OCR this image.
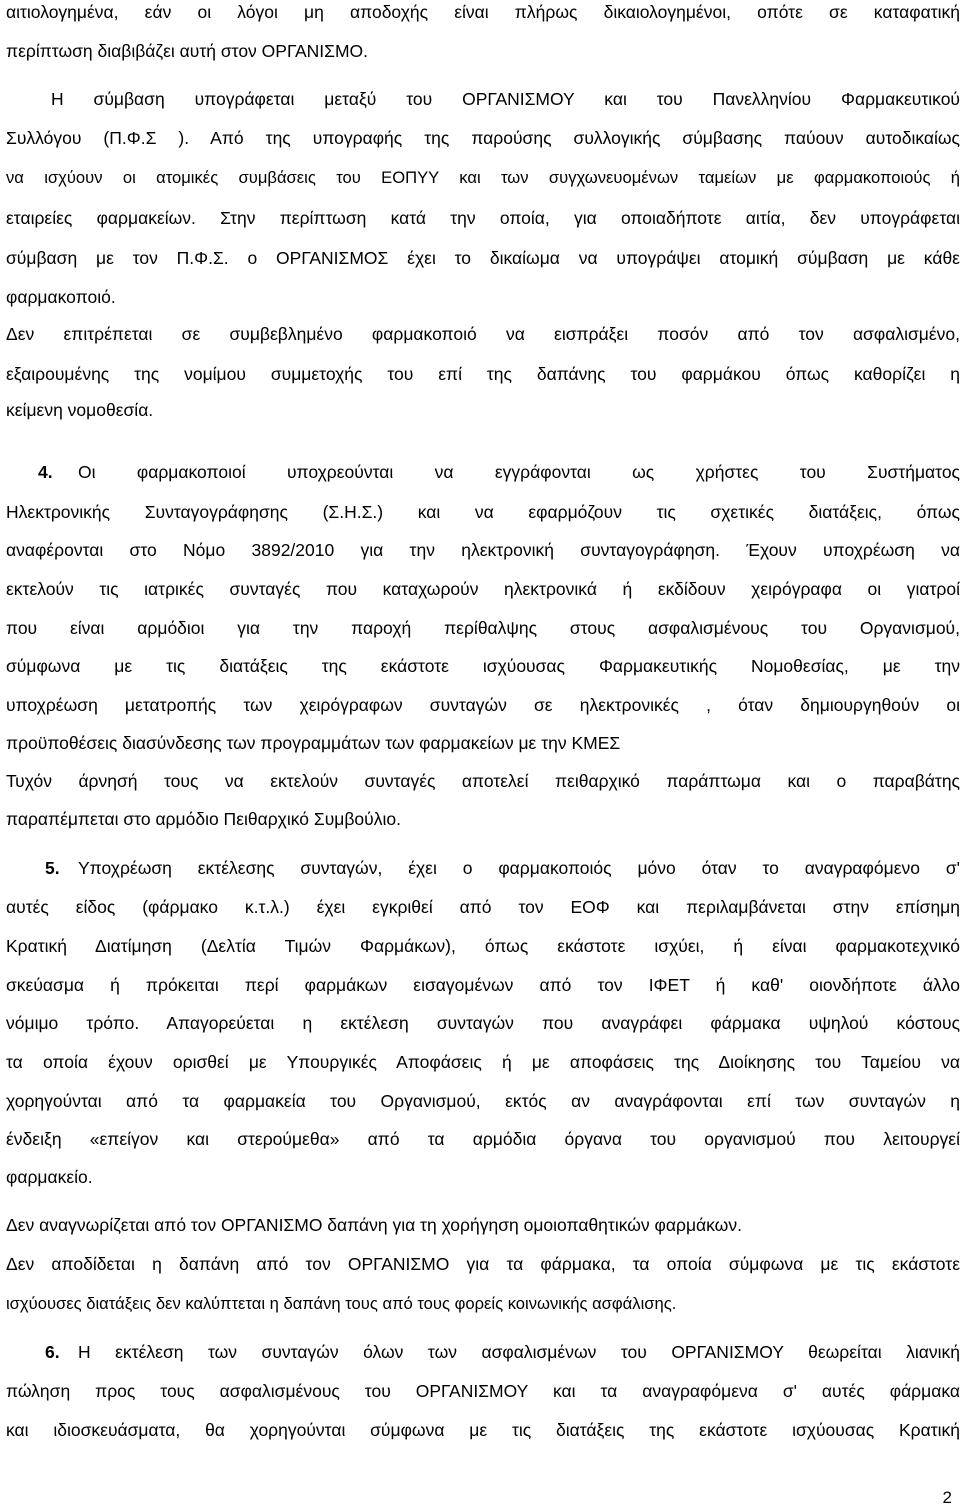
αιτιολογημένα, εάν οι λόγοι μη αποδοχής είναι πλήρως δικαιολογημένοι, οπότε σε καταφατική
περίπτωση διαβιβάζει αυτή στον ΟΡΓΑΝΙΣΜΟ.
Η σύμβαση υπογράφεται μεταξύ του ΟΡΓΑΝΙΣΜΟΥ και του Πανελληνίου Φαρμακευτικού
Συλλόγου (Π.Φ.Σ ). Από της υπογραφής της παρούσης συλλογικής σύμβασης παύουν αυτοδικαίως
να ισχύουν οι ατομικές συμβάσεις του ΕΟΠΥΥ και των συγχωνευομένων ταμείων με φαρμακοποιούς ή
εταιρείες φαρμακείων. Στην περίπτωση κατά την οποία, για οποιαδήποτε αιτία, δεν υπογράφεται
σύμβαση με τον Π.Φ.Σ. ο ΟΡΓΑΝΙΣΜΟΣ έχει το δικαίωμα να υπογράψει ατομική σύμβαση με κάθε
φαρμακοποιό.
Δεν επιτρέπεται σε συμβεβλημένο φαρμακοποιό να εισπράξει ποσόν από τον ασφαλισμένο,
εξαιρουμένης της νομίμου συμμετοχής του επί της δαπάνης του φαρμάκου όπως καθορίζει η
κείμενη νομοθεσία.
4.	Οι φαρμακοποιοί υποχρεούνται να εγγράφονται ως χρήστες του Συστήματος
Ηλεκτρονικής Συνταγογράφησης (Σ.Η.Σ.) και να εφαρμόζουν τις σχετικές διατάξεις, όπως
αναφέρονται στο Νόμο 3892/2010 για την ηλεκτρονική συνταγογράφηση. Έχουν υποχρέωση να
εκτελούν τις ιατρικές συνταγές που καταχωρούν ηλεκτρονικά ή εκδίδουν χειρόγραφα οι γιατροί
που είναι αρμόδιοι για την παροχή περίθαλψης στους ασφαλισμένους του Οργανισμού,
σύμφωνα με τις διατάξεις της εκάστοτε ισχύουσας Φαρμακευτικής Νομοθεσίας, με την
υποχρέωση μετατροπής των χειρόγραφων συνταγών σε ηλεκτρονικές , όταν δημιουργηθούν οι
προϋποθέσεις διασύνδεσης των προγραμμάτων των φαρμακείων με την ΚΜΕΣ
Τυχόν άρνησή τους να εκτελούν συνταγές αποτελεί πειθαρχικό παράπτωμα και ο παραβάτης
παραπέμπεται στο αρμόδιο Πειθαρχικό Συμβούλιο.
5.	Υποχρέωση εκτέλεσης συνταγών, έχει ο φαρμακοποιός μόνο όταν το αναγραφόμενο σ'
αυτές είδος (φάρμακο κ.τ.λ.) έχει εγκριθεί από τον ΕΟΦ και περιλαμβάνεται στην επίσημη
Κρατική Διατίμηση (Δελτία Τιμών Φαρμάκων), όπως εκάστοτε ισχύει, ή είναι φαρμακοτεχνικό
σκεύασμα ή πρόκειται περί φαρμάκων εισαγομένων από τον ΙΦΕΤ ή καθ' οιονδήποτε άλλο
νόμιμο τρόπο. Απαγορεύεται η εκτέλεση συνταγών που αναγράφει φάρμακα υψηλού κόστους
τα οποία έχουν ορισθεί με Υπουργικές Αποφάσεις ή με αποφάσεις της Διοίκησης του Ταμείου να
χορηγούνται από τα φαρμακεία του Οργανισμού, εκτός αν αναγράφονται επί των συνταγών η
ένδειξη «επείγον και στερούμεθα» από τα αρμόδια όργανα του οργανισμού που λειτουργεί
φαρμακείο.
Δεν αναγνωρίζεται από τον ΟΡΓΑΝΙΣΜΟ δαπάνη για τη χορήγηση ομοιοπαθητικών φαρμάκων.
Δεν αποδίδεται η δαπάνη από τον ΟΡΓΑΝΙΣΜΟ για τα φάρμακα, τα οποία σύμφωνα με τις εκάστοτε
ισχύουσες διατάξεις δεν καλύπτεται η δαπάνη τους από τους φορείς κοινωνικής ασφάλισης.
6.	Η εκτέλεση των συνταγών όλων των ασφαλισμένων του ΟΡΓΑΝΙΣΜΟΥ θεωρείται λιανική
πώληση προς τους ασφαλισμένους του ΟΡΓΑΝΙΣΜΟΥ και τα αναγραφόμενα σ' αυτές φάρμακα
και ιδιοσκευάσματα, θα χορηγούνται σύμφωνα με τις διατάξεις της εκάστοτε ισχύουσας Κρατική
2
